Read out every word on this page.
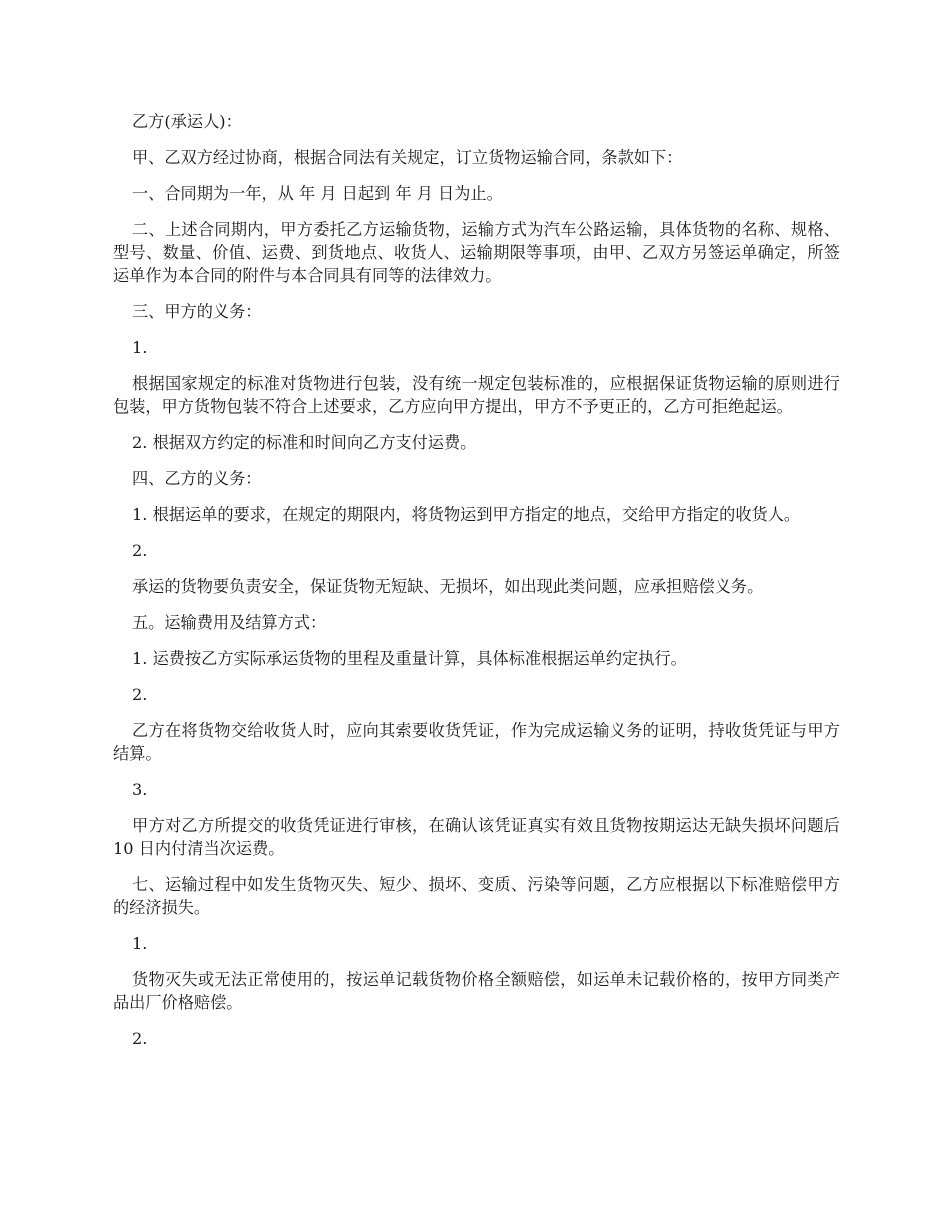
乙方(承运人)：

甲、乙双方经过协商，根据合同法有关规定，订立货物运输合同，条款如下：

一、合同期为一年，从 年 月 日起到 年 月 日为止。

二、上述合同期内，甲方委托乙方运输货物，运输方式为汽车公路运输，具体货物的名称、规格、型号、数量、价值、运费、到货地点、收货人、运输期限等事项，由甲、乙双方另签运单确定，所签运单作为本合同的附件与本合同具有同等的法律效力。

三、甲方的义务：

1.

根据国家规定的标准对货物进行包装，没有统一规定包装标准的，应根据保证货物运输的原则进行包装，甲方货物包装不符合上述要求，乙方应向甲方提出，甲方不予更正的，乙方可拒绝起运。

2. 根据双方约定的标准和时间向乙方支付运费。

四、乙方的义务：

1. 根据运单的要求，在规定的期限内，将货物运到甲方指定的地点，交给甲方指定的收货人。

2.

承运的货物要负责安全，保证货物无短缺、无损坏，如出现此类问题，应承担赔偿义务。

五。运输费用及结算方式：

1. 运费按乙方实际承运货物的里程及重量计算，具体标准根据运单约定执行。

2.

乙方在将货物交给收货人时，应向其索要收货凭证，作为完成运输义务的证明，持收货凭证与甲方结算。

3.

甲方对乙方所提交的收货凭证进行审核，在确认该凭证真实有效且货物按期运达无缺失损坏问题后 10 日内付清当次运费。

七、运输过程中如发生货物灭失、短少、损坏、变质、污染等问题，乙方应根据以下标准赔偿甲方的经济损失。

1.

货物灭失或无法正常使用的，按运单记载货物价格全额赔偿，如运单未记载价格的，按甲方同类产品出厂价格赔偿。

2.
